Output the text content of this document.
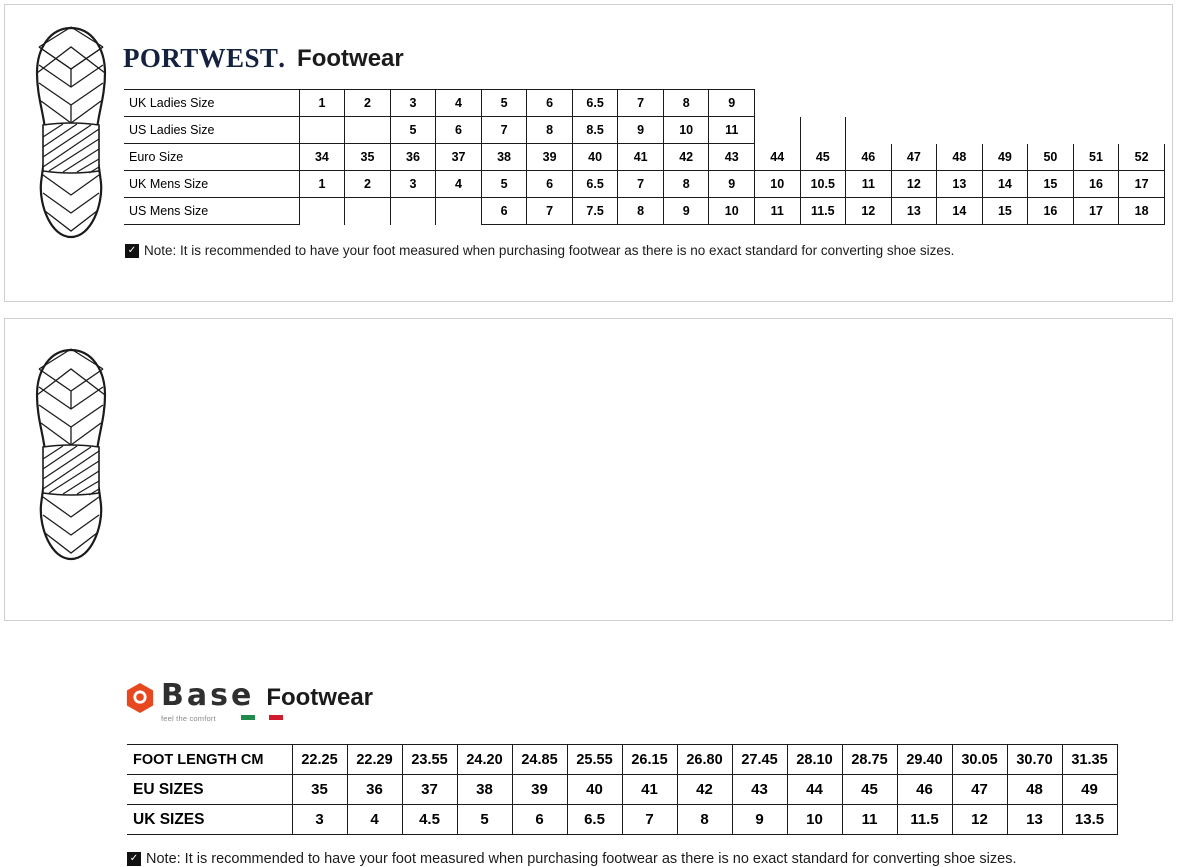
PORTWEST . Footwear
UK Ladies Size	1	2	3	4	5	6	6.5	7	8	9									
US Ladies Size			5	6	7	8	8.5	9	10	11									
Euro Size	34	35	36	37	38	39	40	41	42	43	44	45	46	47	48	49	50	51	52
UK Mens Size	1	2	3	4	5	6	6.5	7	8	9	10	10.5	11	12	13	14	15	16	17
US Mens Size					6	7	7.5	8	9	10	11	11.5	12	13	14	15	16	17	18
✓ Note: It is recommended to have your foot measured when purchasing footwear as there is no exact standard for converting shoe sizes.
Base
feel the comfort
Footwear
FOOT LENGTH CM	22.25	22.29	23.55	24.20	24.85	25.55	26.15	26.80	27.45	28.10	28.75	29.40	30.05	30.70	31.35
EU SIZES	35	36	37	38	39	40	41	42	43	44	45	46	47	48	49
UK SIZES	3	4	4.5	5	6	6.5	7	8	9	10	11	11.5	12	13	13.5
✓ Note: It is recommended to have your foot measured when purchasing footwear as there is no exact standard for converting shoe sizes.
